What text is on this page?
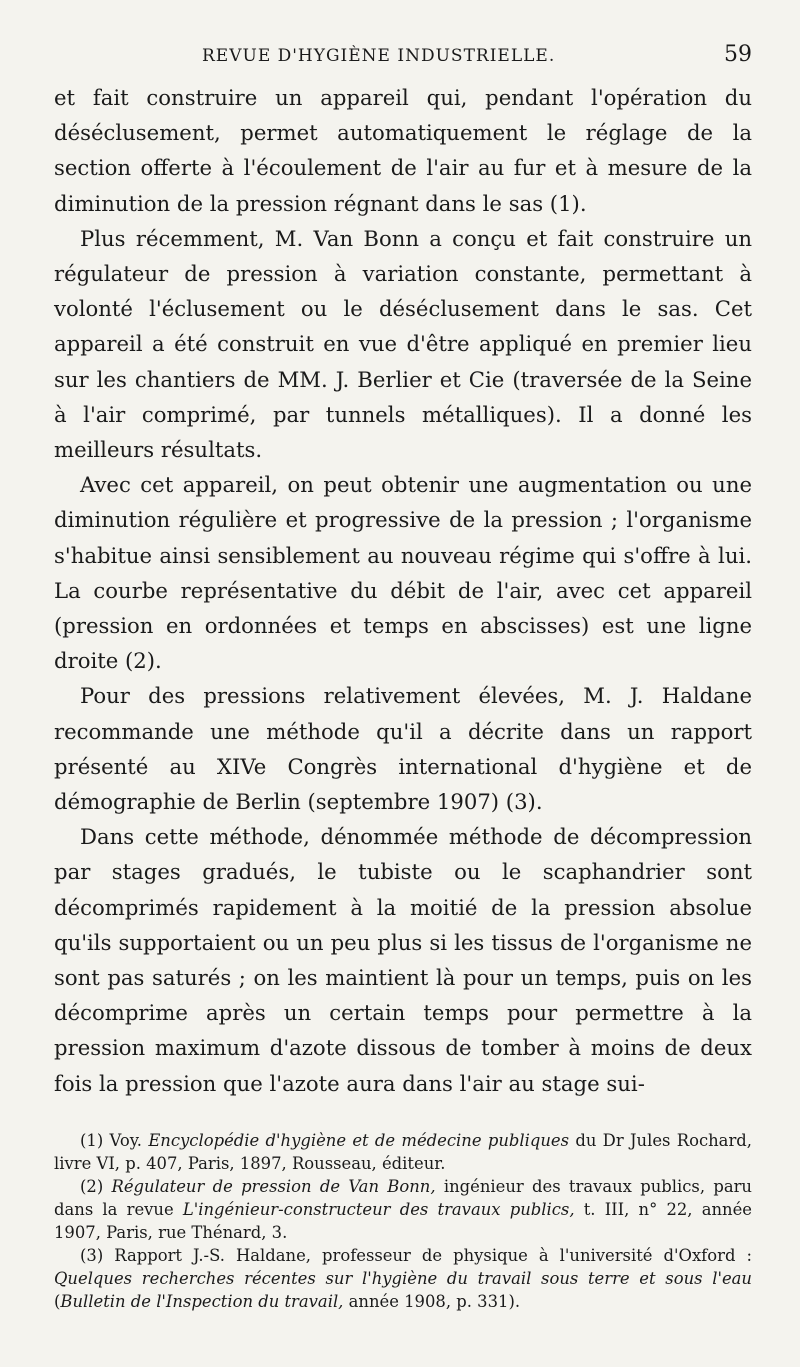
REVUE D'HYGIÈNE INDUSTRIELLE.	59

et fait construire un appareil qui, pendant l'opération du déséclusement, permet automatiquement le réglage de la section offerte à l'écoulement de l'air au fur et à mesure de la diminution de la pression régnant dans le sas (1).

Plus récemment, M. Van Bonn a conçu et fait construire un régulateur de pression à variation constante, permettant à volonté l'éclusement ou le déséclusement dans le sas. Cet appareil a été construit en vue d'être appliqué en premier lieu sur les chantiers de MM. J. Berlier et Cie (traversée de la Seine à l'air comprimé, par tunnels métalliques). Il a donné les meilleurs résultats.

Avec cet appareil, on peut obtenir une augmentation ou une diminution régulière et progressive de la pression ; l'organisme s'habitue ainsi sensiblement au nouveau régime qui s'offre à lui. La courbe représentative du débit de l'air, avec cet appareil (pression en ordonnées et temps en abscisses) est une ligne droite (2).

Pour des pressions relativement élevées, M. J. Haldane recommande une méthode qu'il a décrite dans un rapport présenté au XIVe Congrès international d'hygiène et de démographie de Berlin (septembre 1907) (3).

Dans cette méthode, dénommée méthode de décompression par stages gradués, le tubiste ou le scaphandrier sont décomprimés rapidement à la moitié de la pression absolue qu'ils supportaient ou un peu plus si les tissus de l'organisme ne sont pas saturés ; on les maintient là pour un temps, puis on les décomprime après un certain temps pour permettre à la pression maximum d'azote dissous de tomber à moins de deux fois la pression que l'azote aura dans l'air au stage sui-

(1) Voy. Encyclopédie d'hygiène et de médecine publiques du Dr Jules Rochard, livre VI, p. 407, Paris, 1897, Rousseau, éditeur.

(2) Régulateur de pression de Van Bonn, ingénieur des travaux publics, paru dans la revue L'ingénieur-constructeur des travaux publics, t. III, n° 22, année 1907, Paris, rue Thénard, 3.

(3) Rapport J.-S. Haldane, professeur de physique à l'université d'Oxford : Quelques recherches récentes sur l'hygiène du travail sous terre et sous l'eau (Bulletin de l'Inspection du travail, année 1908, p. 331).
